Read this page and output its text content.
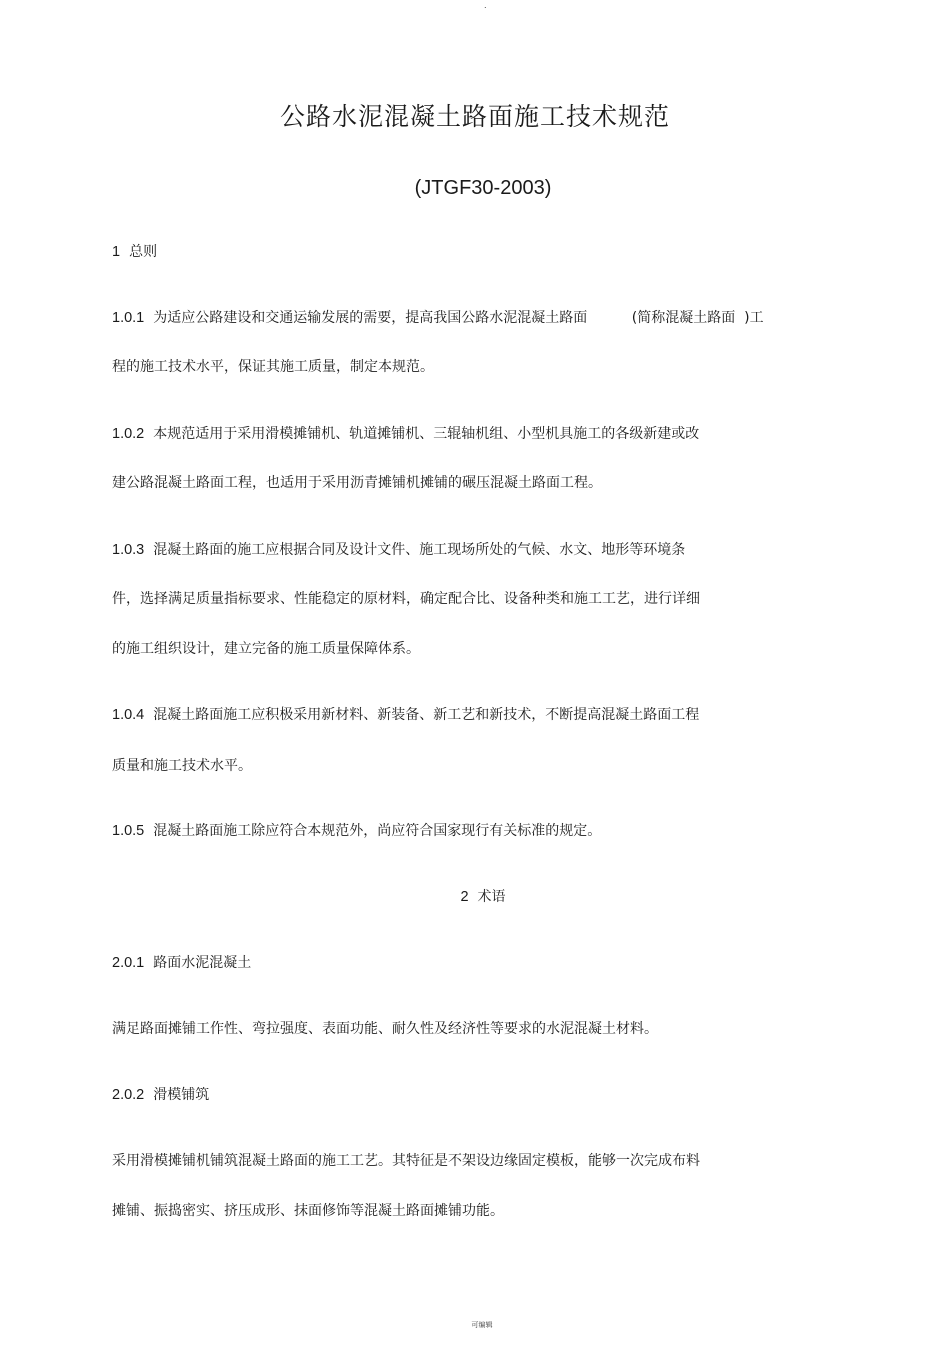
.
公路水泥混凝土路面施工技术规范
(JTGF30-2003)
1 总则
1.0.1 为适应公路建设和交通运输发展的需要，提高我国公路水泥混凝土路面          (简称混凝土路面  )工
程的施工技术水平，保证其施工质量，制定本规范。
1.0.2 本规范适用于采用滑模摊铺机、轨道摊铺机、三辊轴机组、小型机具施工的各级新建或改
建公路混凝土路面工程，也适用于采用沥青摊铺机摊铺的碾压混凝土路面工程。
1.0.3 混凝土路面的施工应根据合同及设计文件、施工现场所处的气候、水文、地形等环境条
件，选择满足质量指标要求、性能稳定的原材料，确定配合比、设备种类和施工工艺，进行详细
的施工组织设计，建立完备的施工质量保障体系。
1.0.4 混凝土路面施工应积极采用新材料、新装备、新工艺和新技术，不断提高混凝土路面工程
质量和施工技术水平。
1.0.5 混凝土路面施工除应符合本规范外，尚应符合国家现行有关标准的规定。
2 术语
2.0.1 路面水泥混凝土
满足路面摊铺工作性、弯拉强度、表面功能、耐久性及经济性等要求的水泥混凝土材料。
2.0.2 滑模铺筑
采用滑模摊铺机铺筑混凝土路面的施工工艺。其特征是不架设边缘固定模板，能够一次完成布料
摊铺、振捣密实、挤压成形、抹面修饰等混凝土路面摊铺功能。
可编辑
